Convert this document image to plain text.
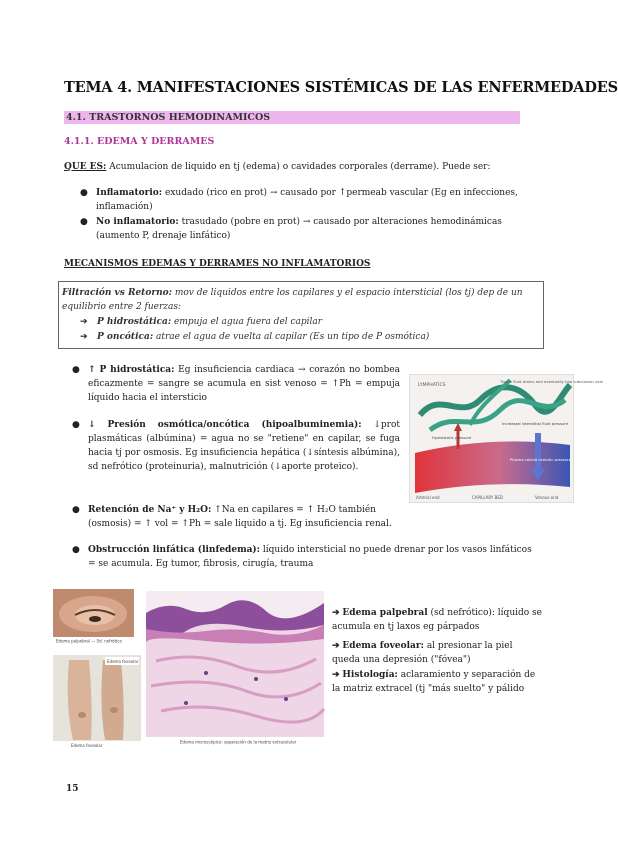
TEMA 4. MANIFESTACIONES SISTÉMICAS DE LAS ENFERMEDADES
4.1. TRASTORNOS HEMODINAMICOS
4.1.1. EDEMA Y DERRAMES
QUE ES: Acumulacion de liquido en tj (edema) o cavidades corporales (derrame). Puede ser:
● Inflamatorio: exudado (rico en prot) → causado por ↑permeab vascular (Eg en infecciones, inflamación)
● No inflamatorio: trasudado (pobre en prot) → causado por alteraciones hemodinámicas (aumento P, drenaje linfático)
MECANISMOS EDEMAS Y DERRAMES NO INFLAMATORIOS
Filtración vs Retorno: mov de liquidos entre los capilares y el espacio intersticial (los tj) dep de un equilibrio entre 2 fuerzas:
➔ P hidrostática: empuja el agua fuera del capilar
➔ P oncótica: atrae el agua de vuelta al capilar (Es un tipo de P osmótica)
● ↑ P hidrostática: Eg insuficiencia cardiaca → corazón no bombea eficazmente = sangre se acumula en sist venoso = ↑Ph = empuja líquido hacia el intersticio
● ↓ Presión osmótica/oncótica (hipoalbuminemia): ↓prot plasmáticas (albúmina) = agua no se "retiene" en capilar, se fuga hacia tj por osmosis. Eg insuficiencia hepática (↓síntesis albúmina), sd nefrótico (proteinuria), malnutrición (↓aporte proteico).
● Retención de Na⁺ y H₂O: ↑Na en capilares = ↑ H₂O también (osmosis) = ↑ vol = ↑Ph = sale liquido a tj. Eg insuficiencia renal.
● Obstrucción linfática (linfedema): líquido intersticial no puede drenar por los vasos linfáticos = se acumula. Eg tumor, fibrosis, cirugía, trauma
LYMPHATICS
Tissue fluid drains and eventually into subclavian vein
Hydrostatic pressure
Increased interstitial fluid pressure
Plasma colloid osmotic pressure
Arterial end	CAPILLARY BED	Venous end
Edema palpebral — Sd. nefrótico
Edema foveolar
Edema foveolar
Edema microscópico: separación de la matriz extracelular
➔ Edema palpebral (sd nefrótico): líquido se acumula en tj laxos eg párpados
➔ Edema foveolar: al presionar la piel queda una depresión ("fóvea")
➔ Histología: aclaramiento y separación de la matriz extracel (tj "más suelto" y pálido
15
